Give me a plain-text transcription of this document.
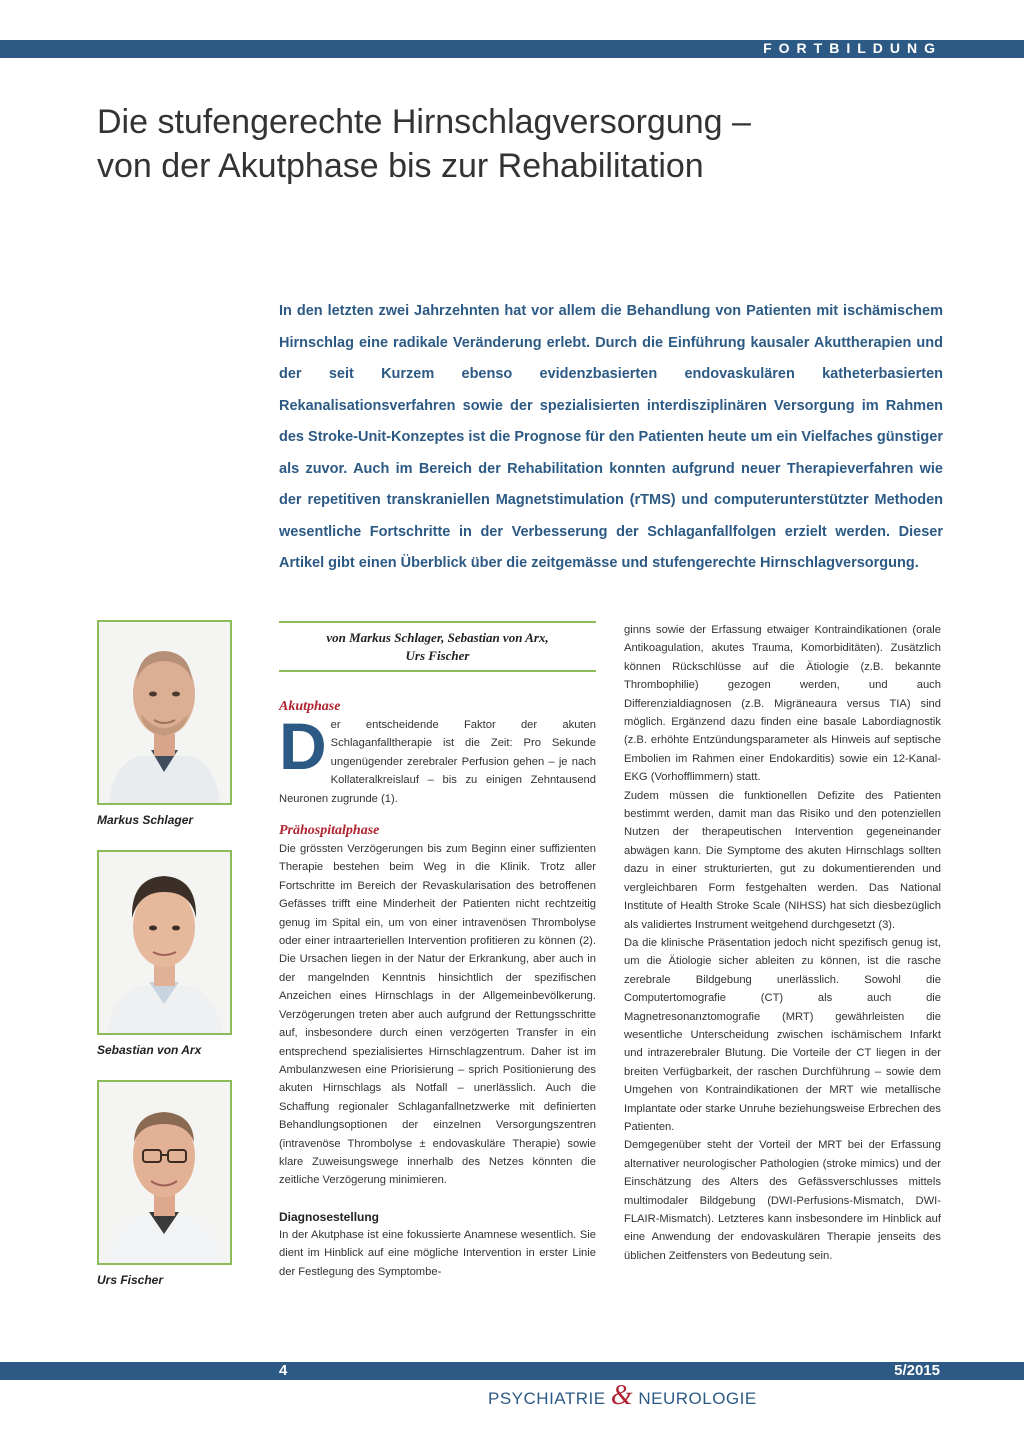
FORTBILDUNG
Die stufengerechte Hirnschlagversorgung –
von der Akutphase bis zur Rehabilitation

In den letzten zwei Jahrzehnten hat vor allem die Behandlung von Patienten mit ischämischem Hirnschlag eine radikale Veränderung erlebt. Durch die Einführung kausaler Akuttherapien und der seit Kurzem ebenso evidenzbasierten endovaskulären katheterbasierten Rekanalisationsverfahren sowie der spezialisierten interdisziplinären Versorgung im Rahmen des Stroke-Unit-Konzeptes ist die Prognose für den Patienten heute um ein Vielfaches günstiger als zuvor. Auch im Bereich der Rehabilitation konnten aufgrund neuer Therapieverfahren wie der repetitiven transkraniellen Magnetstimulation (rTMS) und computerunterstützter Methoden wesentliche Fortschritte in der Verbesserung der Schlaganfallfolgen erzielt werden. Dieser Artikel gibt einen Überblick über die zeitgemässe und stufengerechte Hirnschlagversorgung.

Markus Schlager
Sebastian von Arx
Urs Fischer
von Markus Schlager, Sebastian von Arx,
Urs Fischer

Akutphase

Der entscheidende Faktor der akuten Schlaganfalltherapie ist die Zeit: Pro Sekunde ungenügender zerebraler Perfusion gehen – je nach Kollateralkreislauf – bis zu einigen Zehntausend Neuronen zugrunde (1).

Prähospitalphase

Die grössten Verzögerungen bis zum Beginn einer suffizienten Therapie bestehen beim Weg in die Klinik. Trotz aller Fortschritte im Bereich der Revaskularisation des betroffenen Gefässes trifft eine Minderheit der Patienten nicht rechtzeitig genug im Spital ein, um von einer intravenösen Thrombolyse oder einer intraarteriellen Intervention profitieren zu können (2). Die Ursachen liegen in der Natur der Erkrankung, aber auch in der mangelnden Kenntnis hinsichtlich der spezifischen Anzeichen eines Hirnschlags in der Allgemeinbevölkerung. Verzögerungen treten aber auch aufgrund der Rettungsschritte auf, insbesondere durch einen verzögerten Transfer in ein entsprechend spezialisiertes Hirnschlagzentrum. Daher ist im Ambulanzwesen eine Priorisierung – sprich Positionierung des akuten Hirnschlags als Notfall – unerlässlich. Auch die Schaffung regionaler Schlaganfallnetzwerke mit definierten Behandlungsoptionen der einzelnen Versorgungszentren (intravenöse Thrombolyse ± endovaskuläre Therapie) sowie klare Zuweisungswege innerhalb des Netzes könnten die zeitliche Verzögerung minimieren.

Diagnosestellung

In der Akutphase ist eine fokussierte Anamnese wesentlich. Sie dient im Hinblick auf eine mögliche Intervention in erster Linie der Festlegung des Symptombe-

ginns sowie der Erfassung etwaiger Kontraindikationen (orale Antikoagulation, akutes Trauma, Komorbiditäten). Zusätzlich können Rückschlüsse auf die Ätiologie (z.B. bekannte Thrombophilie) gezogen werden, und auch Differenzialdiagnosen (z.B. Migräneaura versus TIA) sind möglich. Ergänzend dazu finden eine basale Labordiagnostik (z.B. erhöhte Entzündungsparameter als Hinweis auf septische Embolien im Rahmen einer Endokarditis) sowie ein 12-Kanal-EKG (Vorhofflimmern) statt.

Zudem müssen die funktionellen Defizite des Patienten bestimmt werden, damit man das Risiko und den potenziellen Nutzen der therapeutischen Intervention gegeneinander abwägen kann. Die Symptome des akuten Hirnschlags sollten dazu in einer strukturierten, gut zu dokumentierenden und vergleichbaren Form festgehalten werden. Das National Institute of Health Stroke Scale (NIHSS) hat sich diesbezüglich als validiertes Instrument weitgehend durchgesetzt (3).

Da die klinische Präsentation jedoch nicht spezifisch genug ist, um die Ätiologie sicher ableiten zu können, ist die rasche zerebrale Bildgebung unerlässlich. Sowohl die Computertomografie (CT) als auch die Magnetresonanztomografie (MRT) gewährleisten die wesentliche Unterscheidung zwischen ischämischem Infarkt und intrazerebraler Blutung. Die Vorteile der CT liegen in der breiten Verfügbarkeit, der raschen Durchführung – sowie dem Umgehen von Kontraindikationen der MRT wie metallische Implantate oder starke Unruhe beziehungsweise Erbrechen des Patienten.

Demgegenüber steht der Vorteil der MRT bei der Erfassung alternativer neurologischer Pathologien (stroke mimics) und der Einschätzung des Alters des Gefässverschlusses mittels multimodaler Bildgebung (DWI-Perfusions-Mismatch, DWI-FLAIR-Mismatch). Letzteres kann insbesondere im Hinblick auf eine Anwendung der endovaskulären Therapie jenseits des üblichen Zeitfensters von Bedeutung sein.

4	5/2015
PSYCHIATRIE & NEUROLOGIE
